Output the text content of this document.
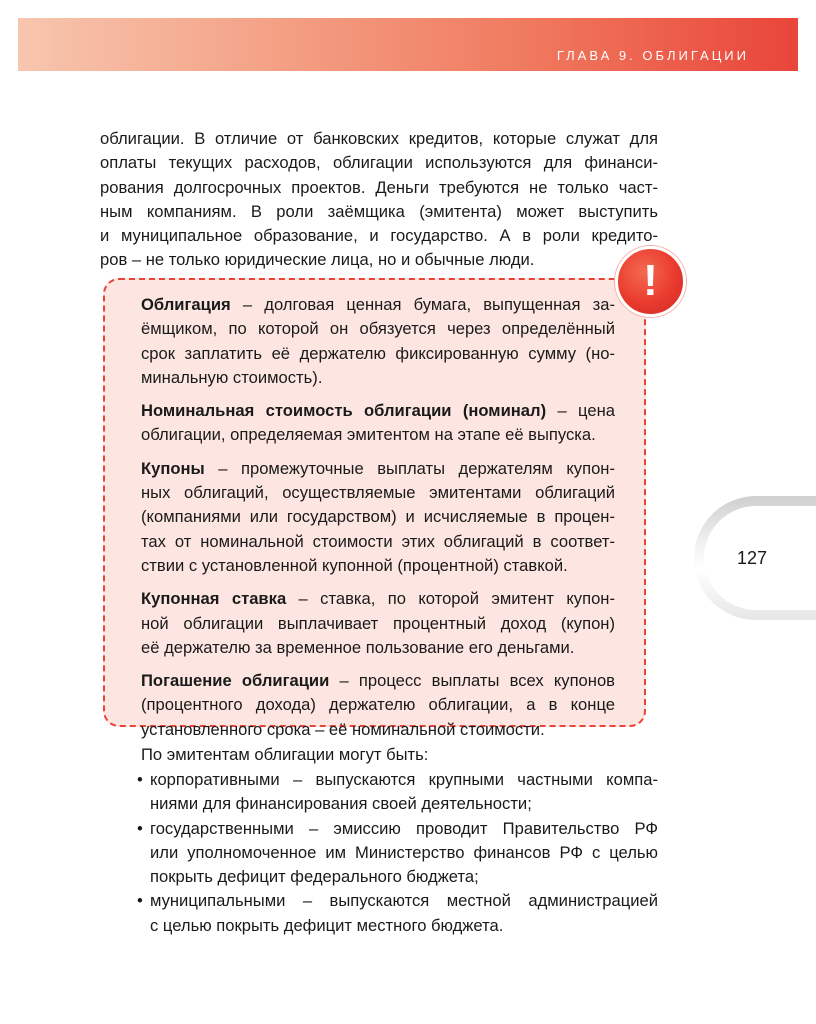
ГЛАВА 9. ОБЛИГАЦИИ
облигации. В отличие от банковских кредитов, которые служат для
оплаты текущих расходов, облигации используются для финанси-
рования долгосрочных проектов. Деньги требуются не только част-
ным компаниям. В роли заёмщика (эмитента) может выступить
и муниципальное образование, и государство. А в роли кредито-
ров – не только юридические лица, но и обычные люди.	!
Облигация – долговая ценная бумага, выпущенная за-
ёмщиком, по которой он обязуется через определённый
срок заплатить её держателю фиксированную сумму (но-
минальную стоимость).
Номинальная стоимость облигации (номинал) – цена
облигации, определяемая эмитентом на этапе её выпуска.
Купоны – промежуточные выплаты держателям купон-
ных облигаций, осуществляемые эмитентами облигаций
(компаниями или государством) и исчисляемые в процен-
тах от номинальной стоимости этих облигаций в соответ-
ствии с установленной купонной (процентной) ставкой.
Купонная ставка – ставка, по которой эмитент купон-
ной облигации выплачивает процентный доход (купон)
её держателю за временное пользование его деньгами.
Погашение облигации – процесс выплаты всех купонов
(процентного дохода) держателю облигации, а в конце
установленного срока – её номинальной стоимости.
127

По эмитентам облигации могут быть:

• корпоративными – выпускаются крупными частными компа-
ниями для финансирования своей деятельности;
• государственными – эмиссию проводит Правительство РФ
или уполномоченное им Министерство финансов РФ с целью
покрыть дефицит федерального бюджета;
• муниципальными – выпускаются местной администрацией
с целью покрыть дефицит местного бюджета.
